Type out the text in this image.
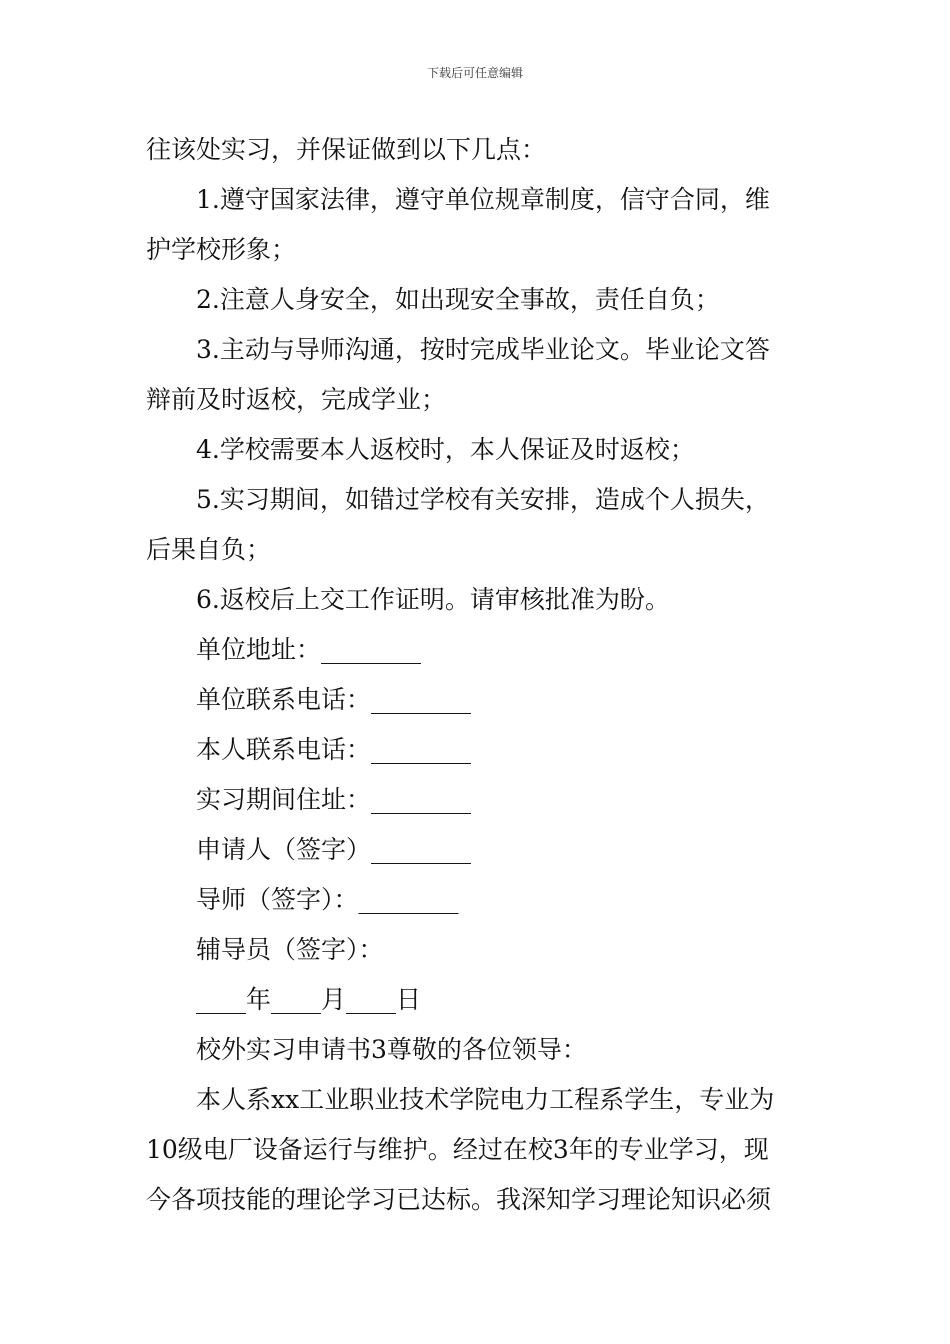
下载后可任意编辑
往该处实习，并保证做到以下几点：
1.遵守国家法律，遵守单位规章制度，信守合同，维
护学校形象；
2.注意人身安全，如出现安全事故，责任自负；
3.主动与导师沟通，按时完成毕业论文。毕业论文答
辩前及时返校，完成学业；
4.学校需要本人返校时，本人保证及时返校；
5.实习期间，如错过学校有关安排，造成个人损失，
后果自负；
6.返校后上交工作证明。请审核批准为盼。
单位地址：________
单位联系电话：________
本人联系电话：________
实习期间住址：________
申请人（签字）________
导师（签字）：________
辅导员（签字）：
____年____月____日
校外实习申请书3尊敬的各位领导：
本人系xx工业职业技术学院电力工程系学生，专业为
10级电厂设备运行与维护。经过在校3年的专业学习，现
今各项技能的理论学习已达标。我深知学习理论知识必须
